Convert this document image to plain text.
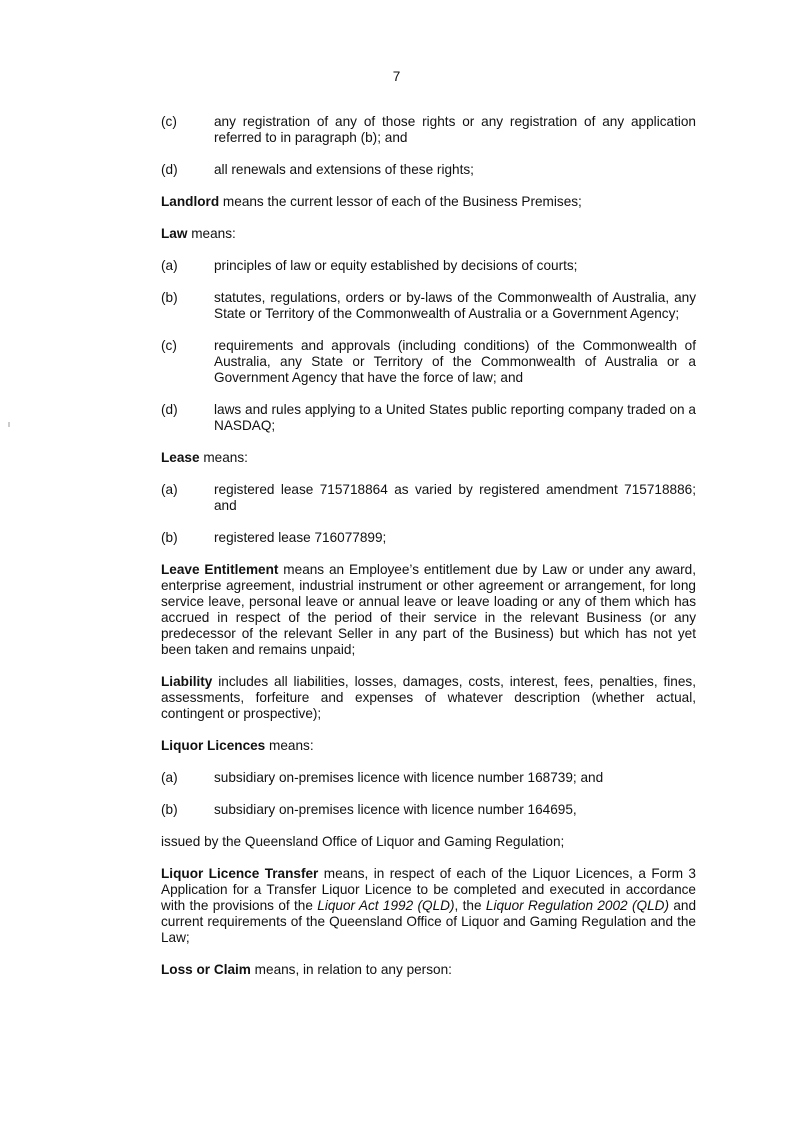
7
(c)	any registration of any of those rights or any registration of any application referred to in paragraph (b); and
(d)	all renewals and extensions of these rights;
Landlord means the current lessor of each of the Business Premises;
Law means:
(a)	principles of law or equity established by decisions of courts;
(b)	statutes, regulations, orders or by-laws of the Commonwealth of Australia, any State or Territory of the Commonwealth of Australia or a Government Agency;
(c)	requirements and approvals (including conditions) of the Commonwealth of Australia, any State or Territory of the Commonwealth of Australia or a Government Agency that have the force of law; and
(d)	laws and rules applying to a United States public reporting company traded on a NASDAQ;
Lease means:
(a)	registered lease 715718864 as varied by registered amendment 715718886; and
(b)	registered lease 716077899;
Leave Entitlement means an Employee’s entitlement due by Law or under any award, enterprise agreement, industrial instrument or other agreement or arrangement, for long service leave, personal leave or annual leave or leave loading or any of them which has accrued in respect of the period of their service in the relevant Business (or any predecessor of the relevant Seller in any part of the Business) but which has not yet been taken and remains unpaid;
Liability includes all liabilities, losses, damages, costs, interest, fees, penalties, fines, assessments, forfeiture and expenses of whatever description (whether actual, contingent or prospective);
Liquor Licences means:
(a)	subsidiary on-premises licence with licence number 168739; and
(b)	subsidiary on-premises licence with licence number 164695,
issued by the Queensland Office of Liquor and Gaming Regulation;
Liquor Licence Transfer means, in respect of each of the Liquor Licences, a Form 3 Application for a Transfer Liquor Licence to be completed and executed in accordance with the provisions of the Liquor Act 1992 (QLD), the Liquor Regulation 2002 (QLD) and current requirements of the Queensland Office of Liquor and Gaming Regulation and the Law;
Loss or Claim means, in relation to any person:
